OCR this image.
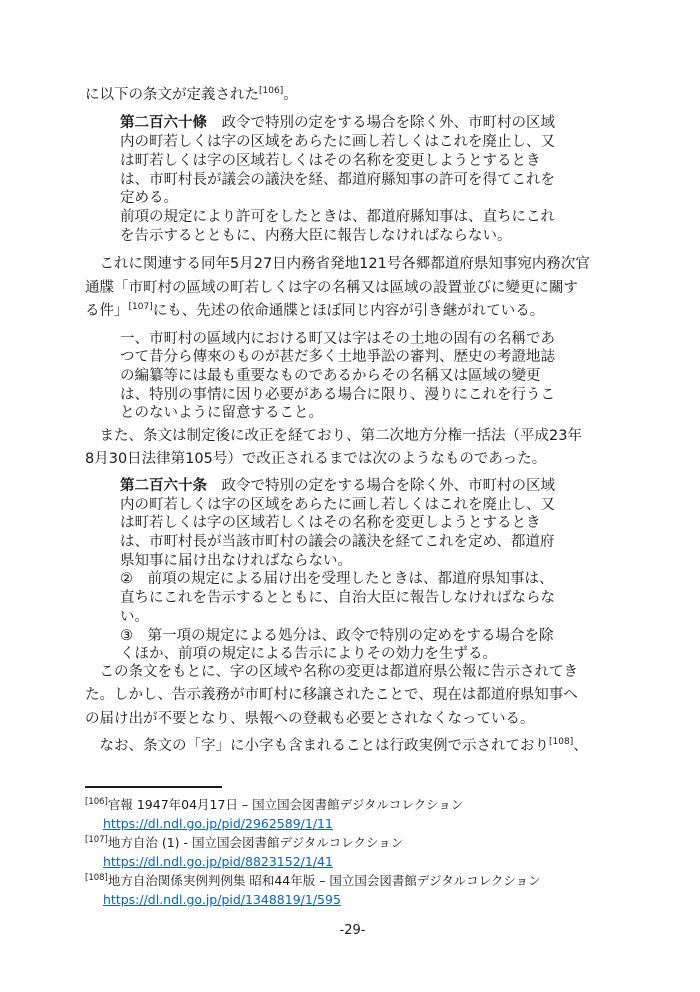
に以下の条文が定義された[106]。
第二百六十條　政令で特別の定をする場合を除く外、市町村の区域
内の町若しくは字の区域をあらたに画し若しくはこれを廃止し、又
は町若しくは字の区域若しくはその名称を変更しようとするとき
は、市町村長が議会の議決を経、都道府縣知事の許可を得てこれを
定める。
前項の規定により許可をしたときは、都道府縣知事は、直ちにこれ
を告示するとともに、内務大臣に報告しなければならない。
　これに関連する同年5月27日内務省発地121号各郷都道府県知事宛内務次官
通牒「市町村の區域の町若しくは字の名稱又は區域の設置並びに變更に關す
る件」[107]にも、先述の依命通牒とほぼ同じ内容が引き継がれている。
一、市町村の區域内における町又は字はその土地の固有の名稱であ
つて昔分ら傳來のものが甚だ多く土地爭訟の審判、歴史の考證地誌
の編纂等には最も重要なものであるからその名稱又は區域の變更
は、特別の事情に因り必要がある場合に限り、漫りにこれを行うこ
とのないように留意すること。
　また、条文は制定後に改正を経ており、第二次地方分権一括法（平成23年
8月30日法律第105号）で改正されるまでは次のようなものであった。
第二百六十条　政令で特別の定をする場合を除く外、市町村の区域
内の町若しくは字の区域をあらたに画し若しくはこれを廃止し、又
は町若しくは字の区域若しくはその名称を変更しようとするとき
は、市町村長が当該市町村の議会の議決を経てこれを定め、都道府
県知事に届け出なければならない。
②　前項の規定による届け出を受理したときは、都道府県知事は、
直ちにこれを告示するとともに、自治大臣に報告しなければならな
い。
③　第一項の規定による処分は、政令で特別の定めをする場合を除
くほか、前項の規定による告示によりその効力を生ずる。
　この条文をもとに、字の区域や名称の変更は都道府県公報に告示されてき
た。しかし、告示義務が市町村に移譲されたことで、現在は都道府県知事へ
の届け出が不要となり、県報への登載も必要とされなくなっている。
　なお、条文の「字」に小字も含まれることは行政実例で示されており[108]、
[106]官報 1947年04月17日 – 国立国会図書館デジタルコレクション
https://dl.ndl.go.jp/pid/2962589/1/11
[107]地方自治 (1) - 国立国会図書館デジタルコレクション
https://dl.ndl.go.jp/pid/8823152/1/41
[108]地方自治関係実例判例集 昭和44年版 – 国立国会図書館デジタルコレクション
https://dl.ndl.go.jp/pid/1348819/1/595
-29-
